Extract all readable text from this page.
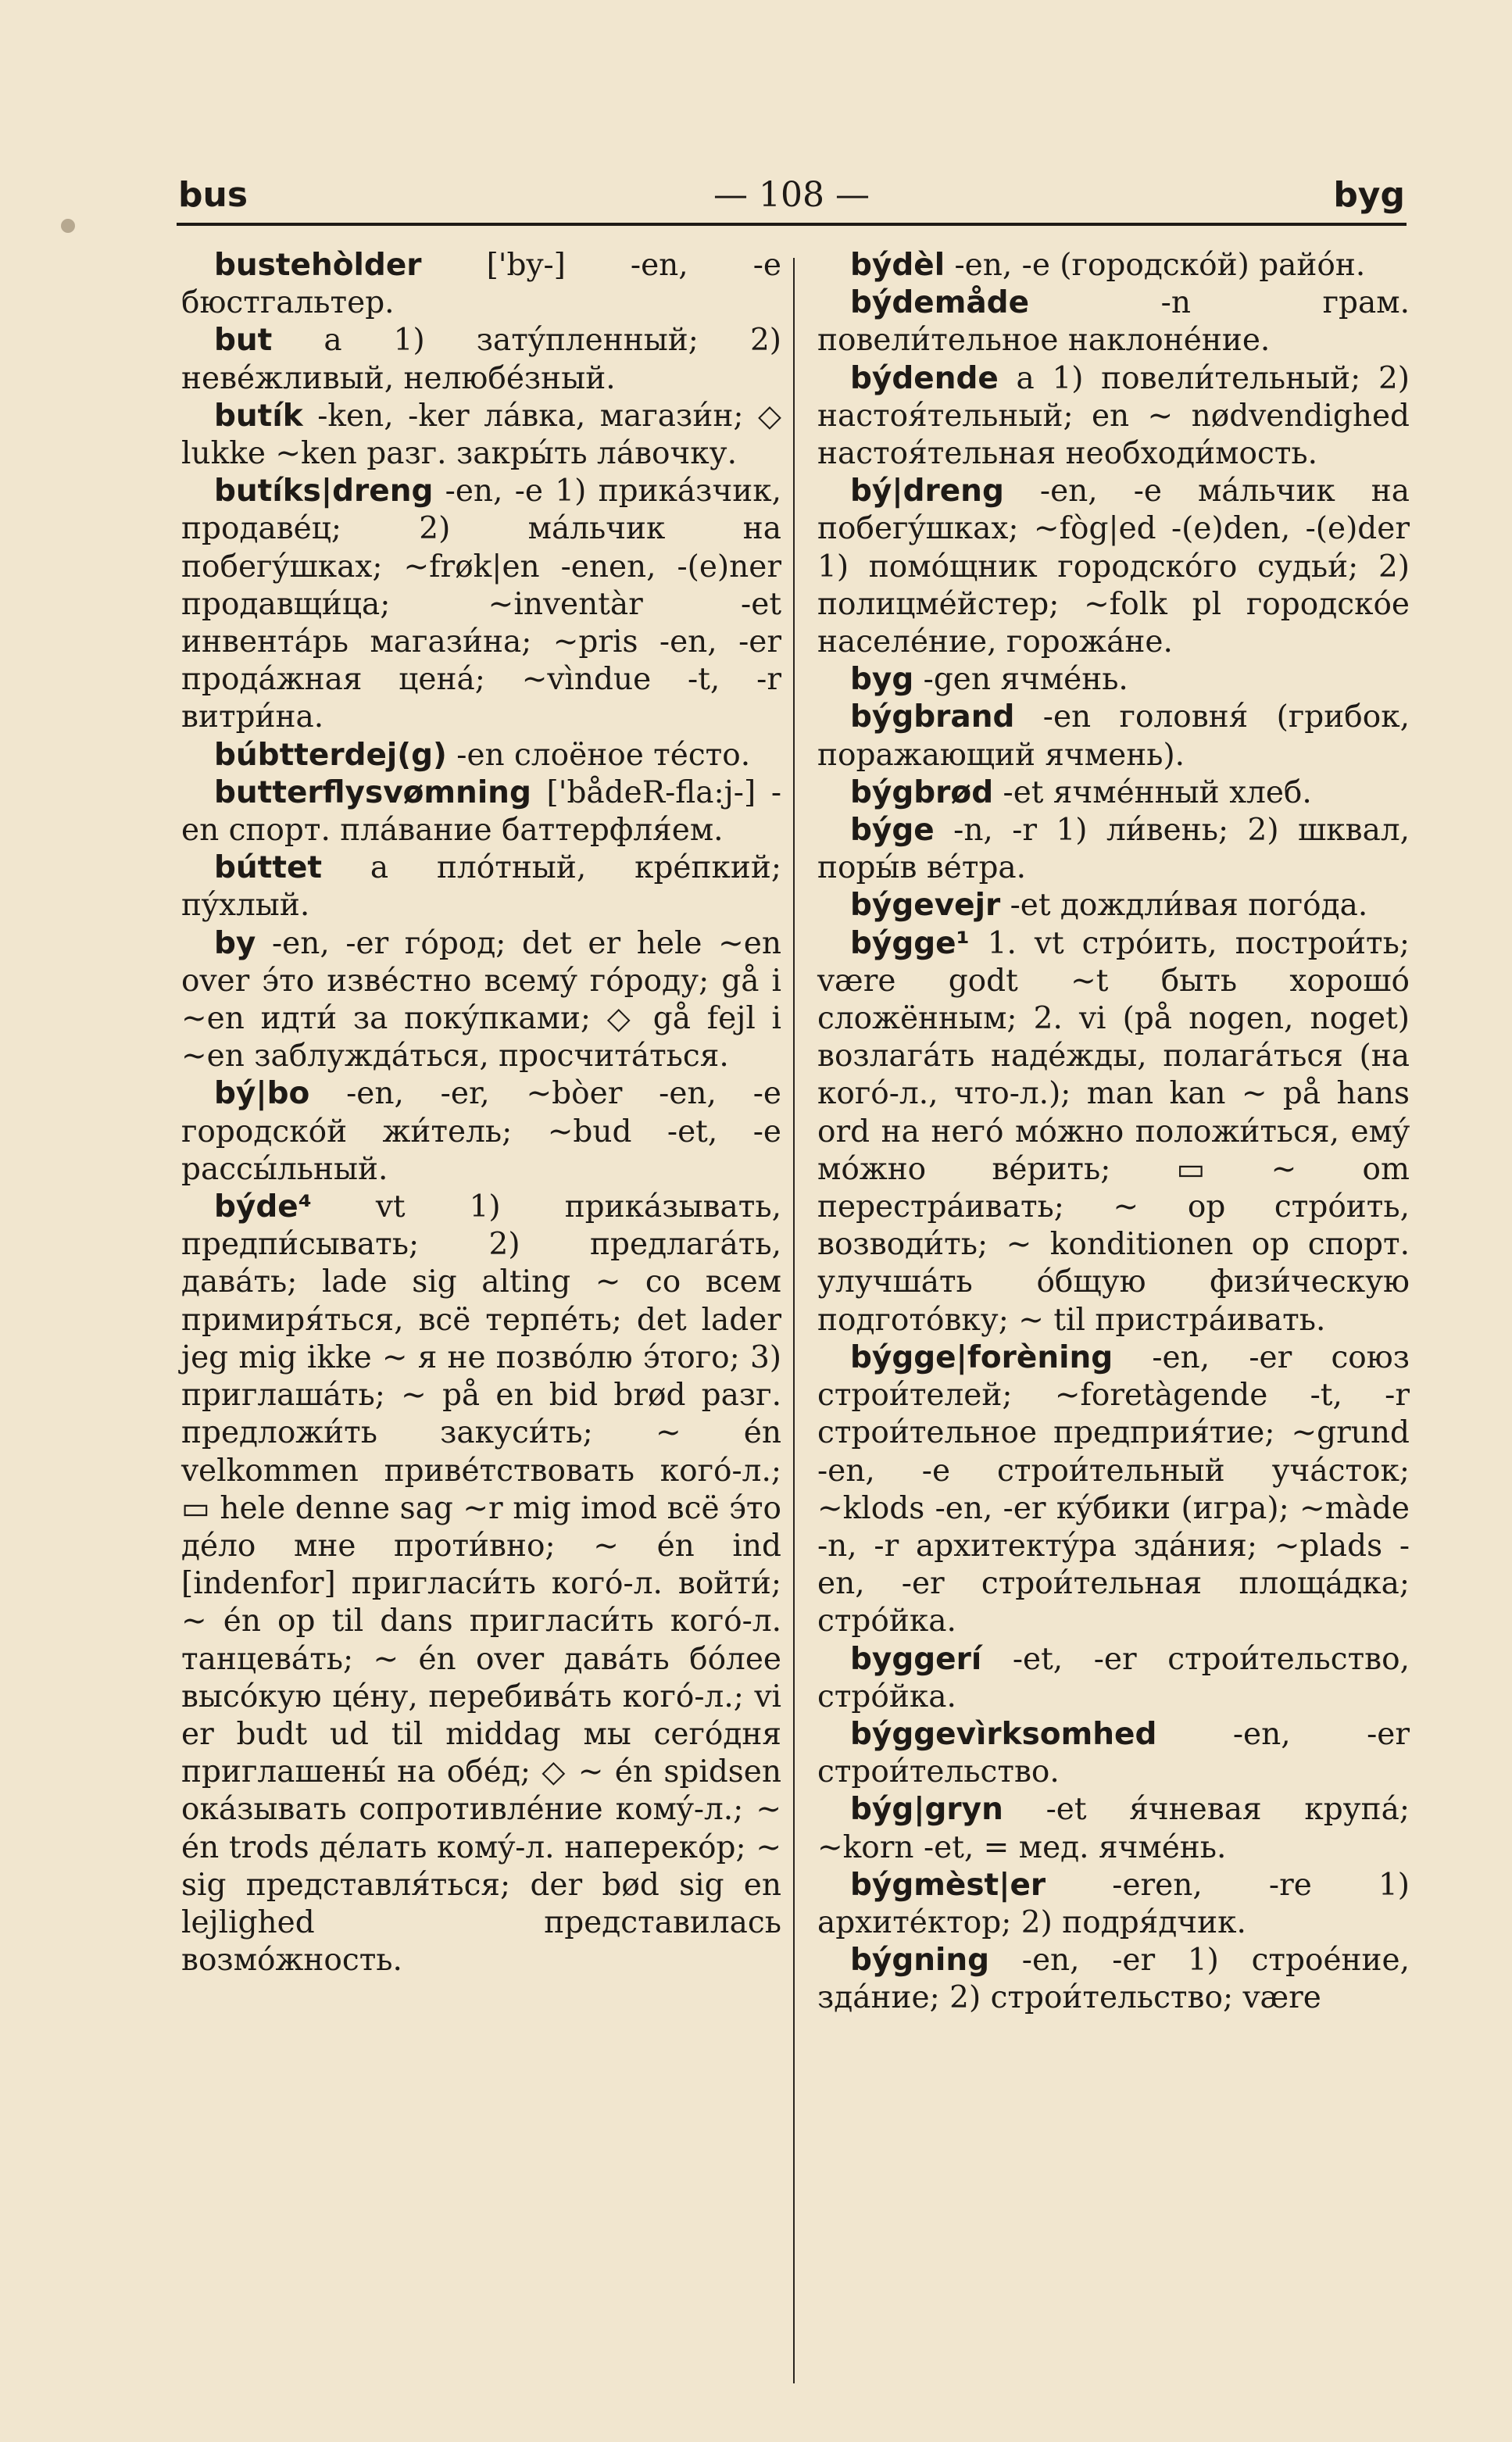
bus	— 108 —	byg

bustehòlder ['by-] -en, -e бюстгальтер.

but a 1) затýпленный; 2) невéжливый, нелюбéзный.

butík -ken, -ker лáвка, магази́н; ◇ lukke ~ken разг. закры́ть лáвочку.

butíks|dreng -en, -e 1) прикáзчик, продавéц; 2) мáльчик на побегýшках; ~frøk|en -enen, -(e)ner продавщи́ца; ~inventàr -et инвентáрь магази́на; ~pris -en, -er продáжная ценá; ~vìndue -t, -r витри́на.

búbtterdej(g) -en слоёное тéсто.

butterflysvømning ['bådeR-fla:j-] -en спорт. плáвание баттерфля́ем.

búttet a плóтный, крéпкий; пýхлый.

by -en, -er гóрод; det er hele ~en over э́то извéстно всемý гóроду; gå i ~en идти́ за покýпками; ◇ gå fejl i ~en заблуждáться, просчитáться.

bý|bo -en, -er, ~bòer -en, -e городскóй жи́тель; ~bud -et, -e рассы́льный.

býde⁴ vt 1) прикáзывать, предпи́сывать; 2) предлагáть, давáть; lade sig alting ~ со всем примиря́ться, всё терпéть; det lader jeg mig ikke ~ я не позвóлю э́того; 3) приглашáть; ~ på en bid brød разг. предложи́ть закуси́ть; ~ én velkommen привéтствовать когó-л.; ▭ hele denne sag ~r mig imod всё э́то дéло мне проти́вно; ~ én ind [indenfor] пригласи́ть когó-л. войти́; ~ én op til dans пригласи́ть когó-л. танцевáть; ~ én over давáть бóлее высóкую цéну, перебивáть когó-л.; vi er budt ud til middag мы сегóдня приглашены́ на обéд; ◇ ~ én spidsen окáзывать сопротивлéние комý-л.; ~ én trods дéлать комý-л. наперекóр; ~ sig представля́ться; der bød sig en lejlighed представилась возмóжность.

býdèl -en, -e (городскóй) райóн.

býdemåde -n грам. повели́тельное наклонéние.

býdende a 1) повели́тельный; 2) настоя́тельный; en ~ nødvendighed настоя́тельная необходи́мость.

bý|dreng -en, -e мáльчик на побегýшках; ~fòg|ed -(e)den, -(e)der 1) помóщник городскóго судьи́; 2) полицмéйстер; ~folk pl городскóе населéние, горожáне.

byg -gen ячмéнь.

býgbrand -en головня́ (грибок, поражающий ячмень).

býgbrød -et ячмéнный хлеб.

býge -n, -r 1) ли́вень; 2) шквал, поры́в вéтра.

býgevejr -et дождли́вая погóда.

býgge¹ 1. vt стрóить, построи́ть; være godt ~t быть хорошó сложённым; 2. vi (på nogen, noget) возлагáть надéжды, полагáться (на когó-л., что-л.); man kan ~ på hans ord на негó мóжно положи́ться, емý мóжно вéрить; ▭ ~ om перестрáивать; ~ op стрóить, возводи́ть; ~ konditionen op спорт. улучшáть óбщую физи́ческую подготóвку; ~ til пристрáивать.

býgge|forèning -en, -er союз строи́телей; ~foretàgende -t, -r строи́тельное предприя́тие; ~grund -en, -e строи́тельный учáсток; ~klods -en, -er кýбики (игра); ~màde -n, -r архитектýра здáния; ~plads -en, -er строи́тельная площáдка; стрóйка.

byggerí -et, -er строи́тельство, стрóйка.

býggevìrksomhed -en, -er строи́тельство.

býg|gryn -et я́чневая крупá; ~korn -et, = мед. ячмéнь.

býgmèst|er -eren, -re 1) архитéктор; 2) подря́дчик.

býgning -en, -er 1) строéние, здáние; 2) строи́тельство; være
